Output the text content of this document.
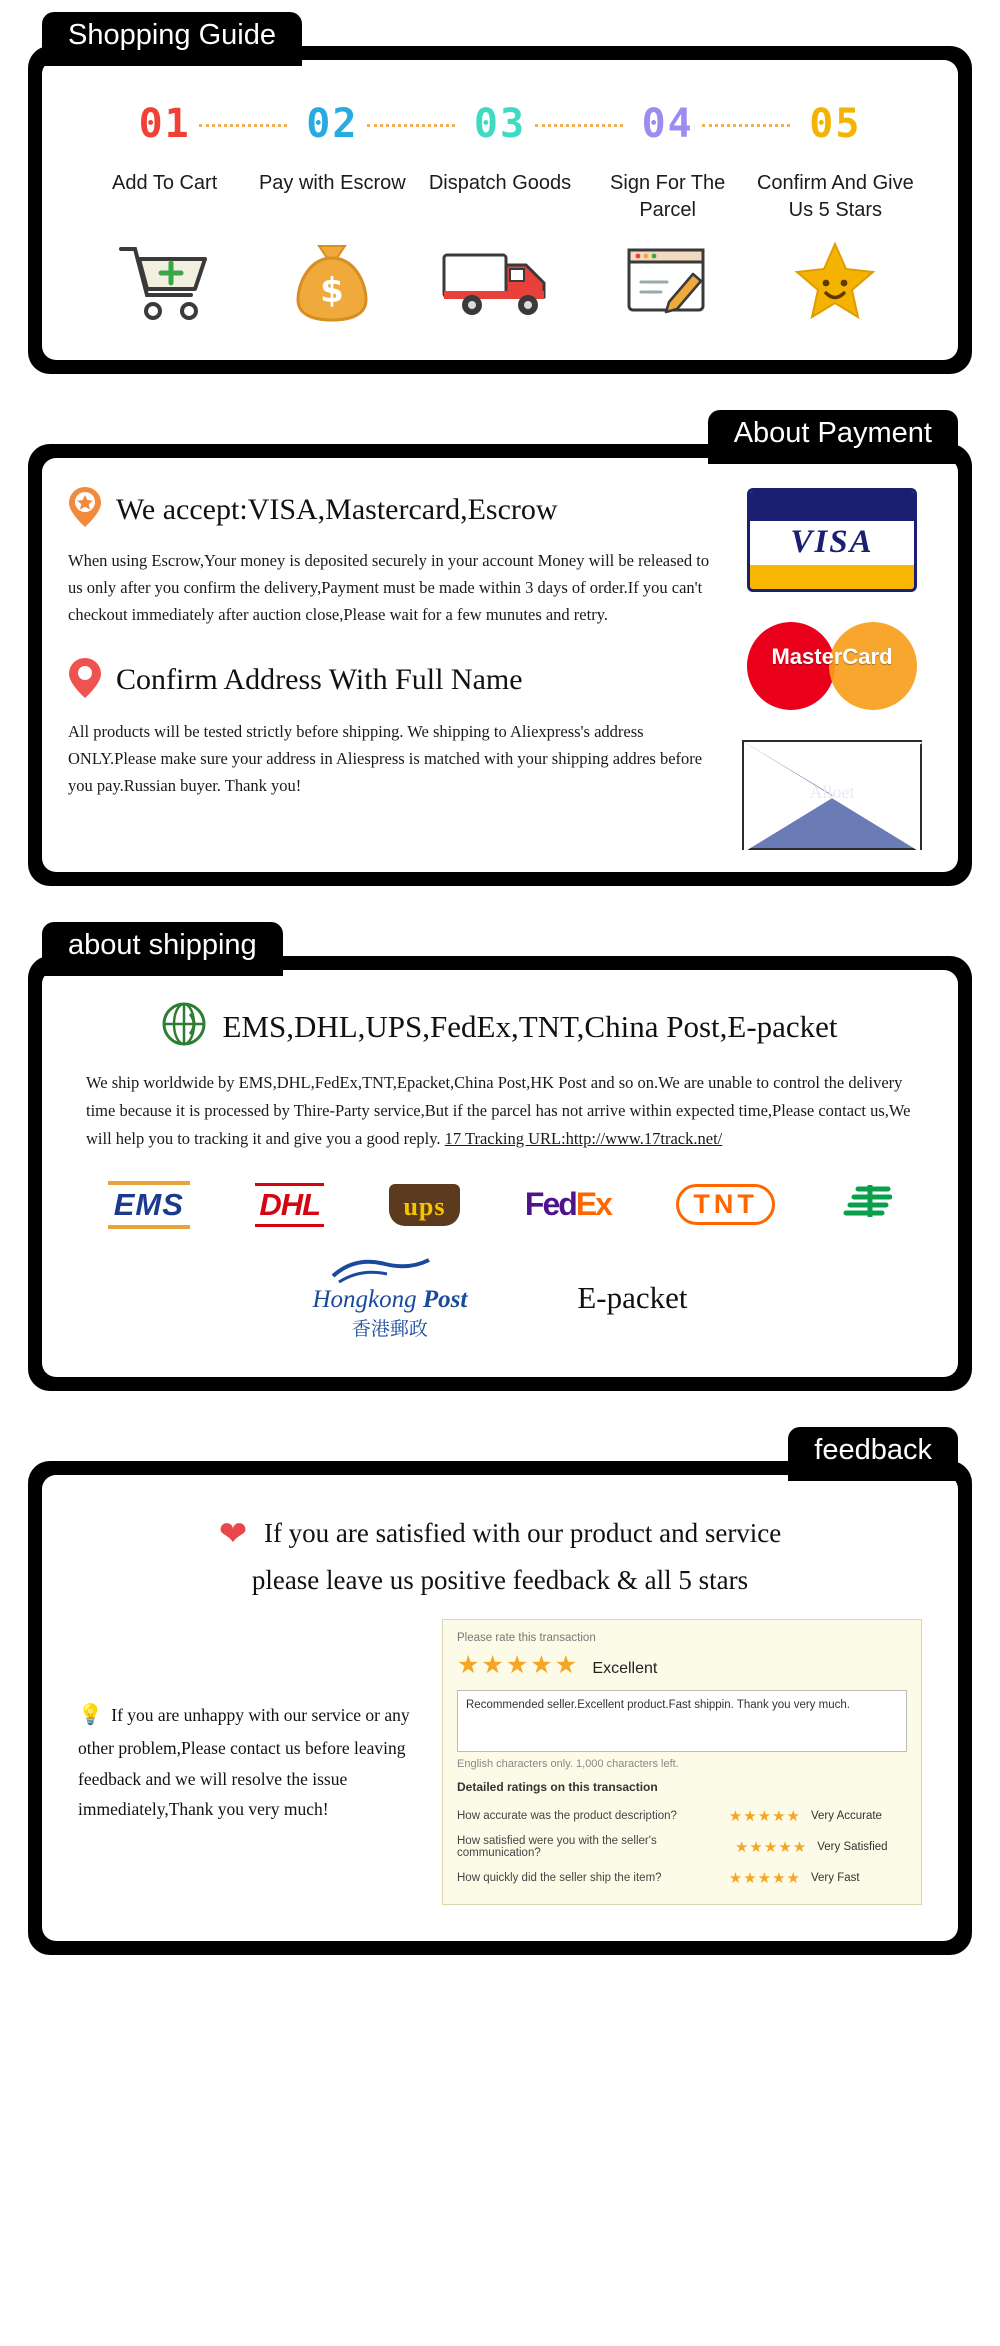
Shopping Guide
01
Add To Cart
02
Pay with Escrow
$
03
Dispatch Goods
04
Sign For The Parcel
05
Confirm And Give Us 5 Stars
About Payment
We accept:VISA,Mastercard,Escrow

When using Escrow,Your money is deposited securely in your account Money will be released to us only after you confirm the delivery,Payment must be made within 3 days of order.If you can't checkout immediately after auction close,Please wait for a few munutes and retry.

Confirm Address With Full Name

All products will be tested strictly before shipping. We shipping to Aliexpress's address ONLY.Please make sure your address in Aliespress is matched with your shipping addres before you pay.Russian buyer. Thank you!

VISA
MasterCard
Alloet
about shipping
EMS,DHL,UPS,FedEx,TNT,China Post,E-packet

We ship worldwide by EMS,DHL,FedEx,TNT,Epacket,China Post,HK Post and so on.We are unable to control the delivery time because it is processed by Thire-Party service,But if the parcel has not arrive within expected time,Please contact us,We will help you to tracking it and give you a good reply. 17 Tracking URL:http://www.17track.net/

EMS DHL	ups	FedEx	TNT
Hongkong Post
香港郵政
E-packet
feedback
❤ If you are satisfied with our product and service
please leave us positive feedback & all 5 stars
💡 If you are unhappy with our service or any other problem,Please contact us before leaving feedback and we will resolve the issue immediately,Thank you very much!
Please rate this transaction
★★★★★ Excellent
Recommended seller.Excellent product.Fast shippin. Thank you very much.
English characters only. 1,000 characters left.
Detailed ratings on this transaction
How accurate was the product description?	★★★★★ Very Accurate
How satisfied were you with the seller's communication?	★★★★★ Very Satisfied
How quickly did the seller ship the item?	★★★★★ Very Fast
